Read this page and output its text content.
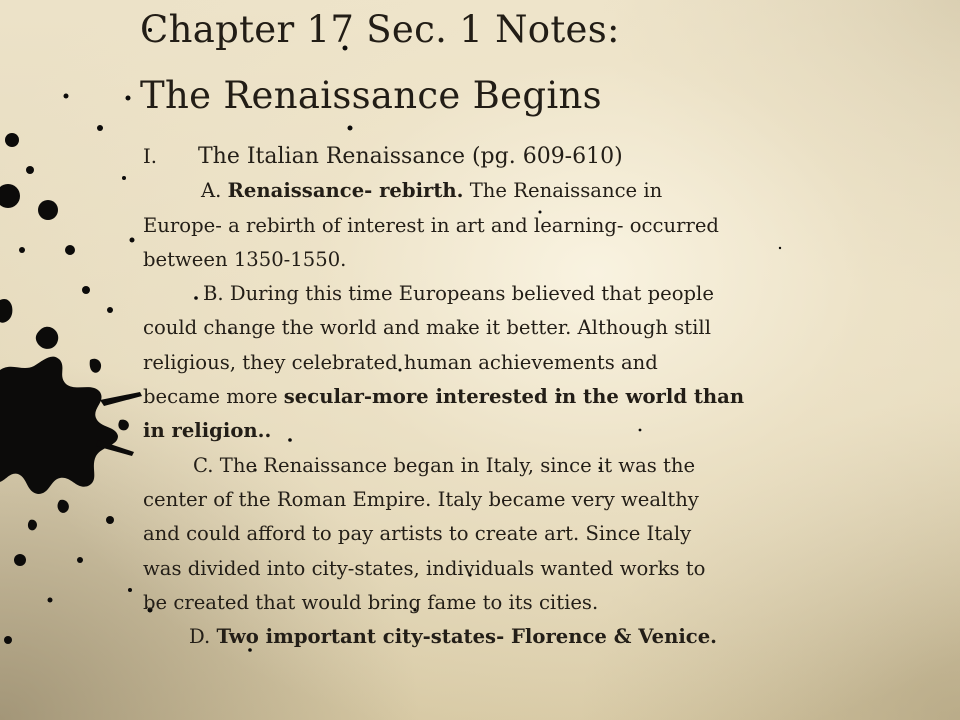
Chapter 17 Sec. 1 Notes:
The Renaissance Begins
I. The Italian Renaissance (pg. 609-610)
A. Renaissance- rebirth. The Renaissance in
Europe- a rebirth of interest in art and learning- occurred
between 1350-1550.
B. During this time Europeans believed that people
could change the world and make it better. Although still
religious, they celebrated human achievements and
became more secular-more interested in the world than
in religion..
C. The Renaissance began in Italy, since it was the
center of the Roman Empire. Italy became very wealthy
and could afford to pay artists to create art. Since Italy
was divided into city-states, individuals wanted works to
be created that would bring fame to its cities.
D. Two important city-states- Florence & Venice.
